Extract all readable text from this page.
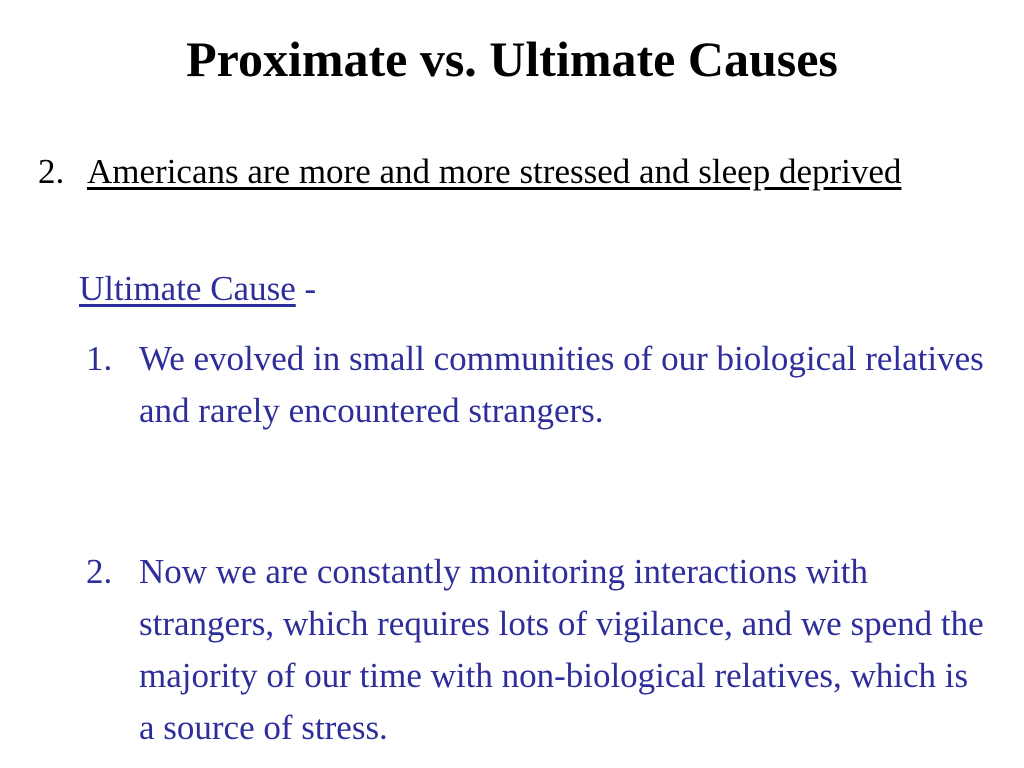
Proximate vs. Ultimate Causes
2. Americans are more and more stressed and sleep deprived
Ultimate Cause -
1. We evolved in small communities of our biological relatives and rarely encountered strangers.
2. Now we are constantly monitoring interactions with strangers, which requires lots of vigilance, and we spend the majority of our time with non-biological relatives, which is a source of stress.
